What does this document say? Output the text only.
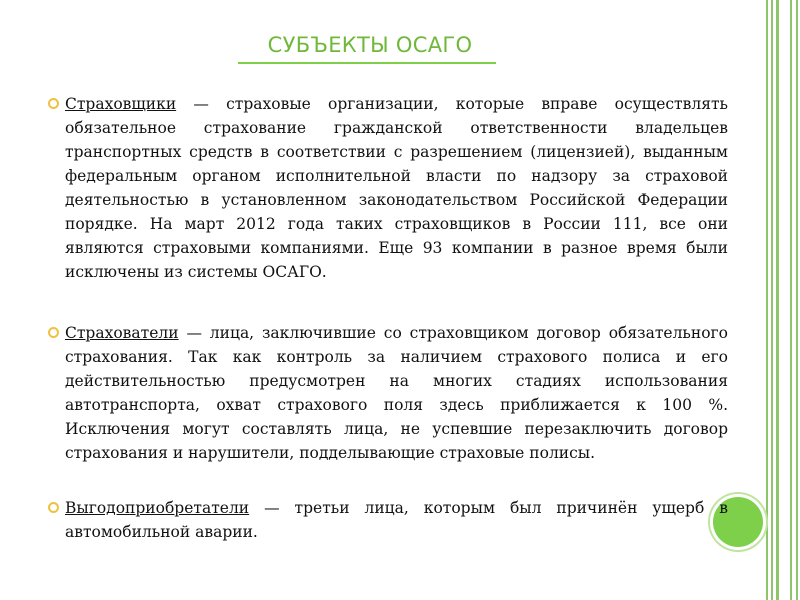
СУБЪЕКТЫ ОСАГО

Страховщики — страховые организации, которые вправе осуществлять обязательное страхование гражданской ответственности владельцев транспортных средств в соответствии с разрешением (лицензией), выданным федеральным органом исполнительной власти по надзору за страховой деятельностью в установленном законодательством Российской Федерации порядке. На март 2012 года таких страховщиков в России 111, все они являются страховыми компаниями. Еще 93 компании в разное время были исключены из системы ОСАГО.

Страхователи — лица, заключившие со страховщиком договор обязательного страхования. Так как контроль за наличием страхового полиса и его действительностью предусмотрен на многих стадиях использования автотранспорта, охват страхового поля здесь приближается к 100 %. Исключения могут составлять лица, не успевшие перезаключить договор страхования и нарушители, подделывающие страховые полисы.

Выгодоприобретатели — третьи лица, которым был причинён ущерб в автомобильной аварии.
